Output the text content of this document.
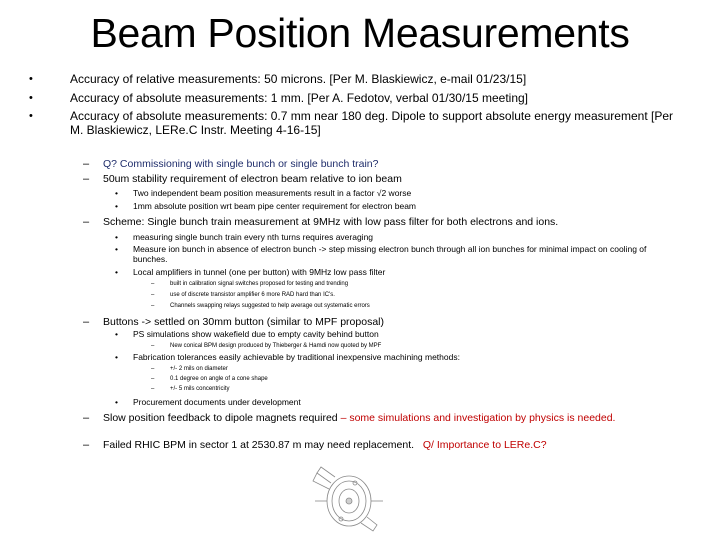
Beam Position Measurements
•	Accuracy of relative measurements: 50 microns. [Per M. Blaskiewicz, e-mail 01/23/15]
•	Accuracy of absolute measurements: 1 mm. [Per A. Fedotov, verbal 01/30/15 meeting]
•	Accuracy of absolute measurements: 0.7 mm near 180 deg. Dipole to support absolute energy measurement [Per M. Blaskiewicz, LERe.C Instr. Meeting 4-16-15]
– Q? Commissioning with single bunch or single bunch train?
– 50um stability requirement of electron beam relative to ion beam
• Two independent beam position measurements result in a factor √2 worse
• 1mm absolute position wrt beam pipe center requirement for electron beam
– Scheme: Single bunch train measurement at 9MHz with low pass filter for both electrons and ions.
• measuring single bunch train every nth turns requires averaging
• Measure ion bunch in absence of electron bunch -> step missing electron bunch through all ion bunches for minimal impact on cooling of bunches.
• Local amplifiers in tunnel (one per button) with 9MHz low pass filter
–	built in calibration signal switches proposed for testing and trending
–	use of discrete transistor amplifier 6 more RAD hard than IC's.
–	Channels swapping relays suggested to help average out systematic errors
– Buttons -> settled on 30mm button (similar to MPF proposal)
• PS simulations show wakefield due to empty cavity behind button
–	New conical BPM design produced by Thieberger & Hamdi now quoted by MPF
• Fabrication tolerances easily achievable by traditional inexpensive machining methods:
–	+/- 2 mils on diameter
–	0.1 degree on angle of a cone shape
–	+/- 5 mils concentricity
• Procurement documents under development
– Slow position feedback to dipole magnets required – some simulations and investigation by physics is needed.
– Failed RHIC BPM in sector 1 at 2530.87 m may need replacement.   Q/ Importance to LERe.C?
